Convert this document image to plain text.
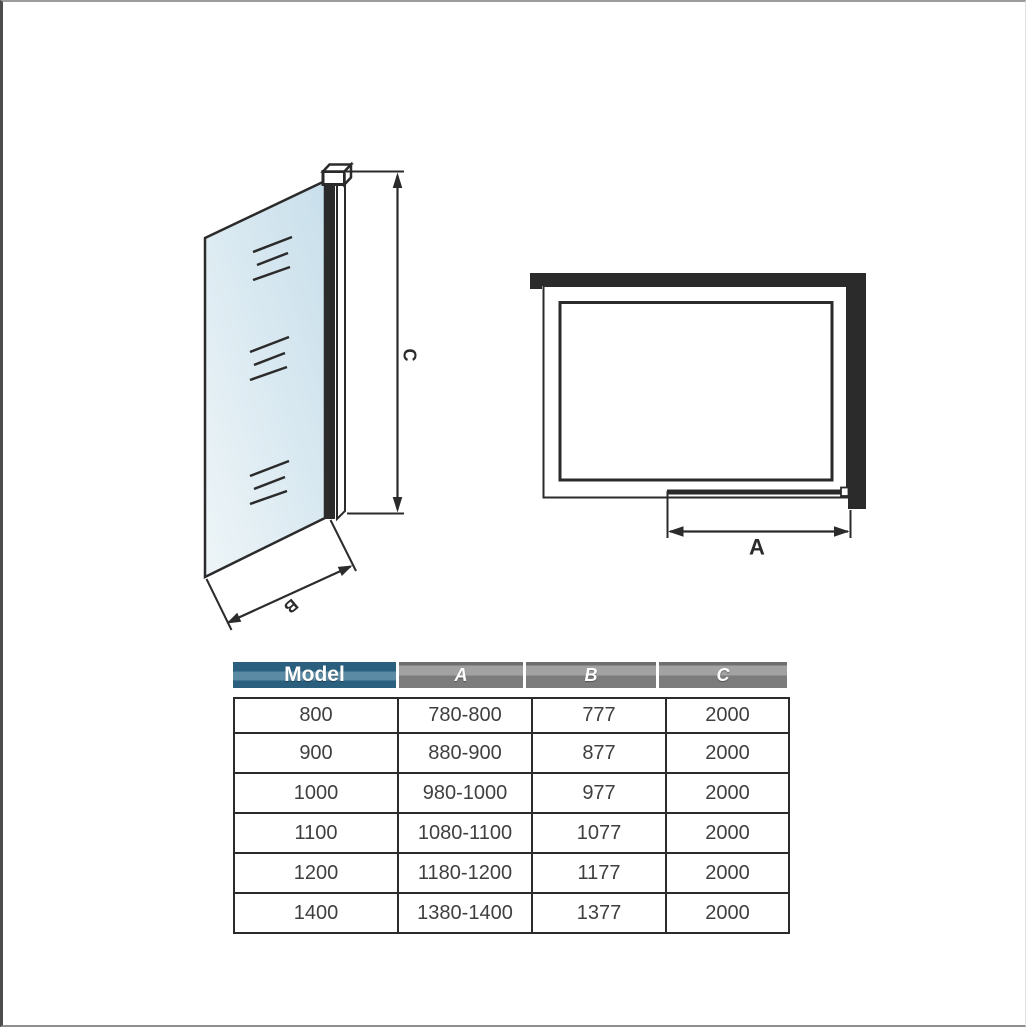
C
B
A
Model	A	B	C
800	780-800	777	2000
900	880-900	877	2000
1000	980-1000	977	2000
1100	1080-1100	1077	2000
1200	1180-1200	1177	2000
1400	1380-1400	1377	2000
